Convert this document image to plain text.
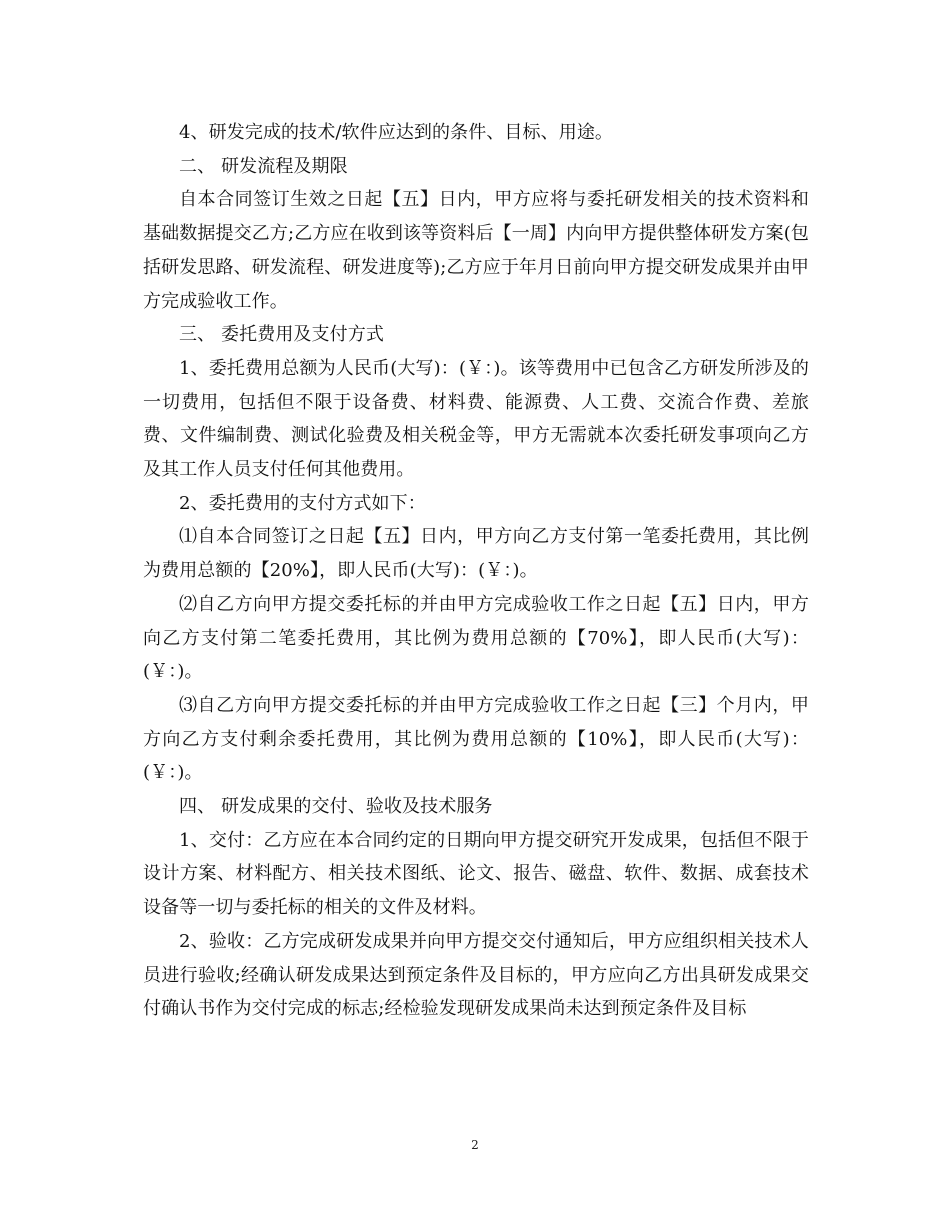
4、研发完成的技术/软件应达到的条件、目标、用途。

二、 研发流程及期限

自本合同签订生效之日起【五】日内，甲方应将与委托研发相关的技术资料和基础数据提交乙方;乙方应在收到该等资料后【一周】内向甲方提供整体研发方案(包括研发思路、研发流程、研发进度等);乙方应于年月日前向甲方提交研发成果并由甲方完成验收工作。

三、 委托费用及支付方式

1、委托费用总额为人民币(大写)：(￥：)。该等费用中已包含乙方研发所涉及的一切费用，包括但不限于设备费、材料费、能源费、人工费、交流合作费、差旅费、文件编制费、测试化验费及相关税金等，甲方无需就本次委托研发事项向乙方及其工作人员支付任何其他费用。

2、委托费用的支付方式如下：

⑴自本合同签订之日起【五】日内，甲方向乙方支付第一笔委托费用，其比例为费用总额的【20%】，即人民币(大写)：(￥：)。

⑵自乙方向甲方提交委托标的并由甲方完成验收工作之日起【五】日内，甲方向乙方支付第二笔委托费用，其比例为费用总额的【70%】，即人民币(大写)：(￥：)。

⑶自乙方向甲方提交委托标的并由甲方完成验收工作之日起【三】个月内，甲方向乙方支付剩余委托费用，其比例为费用总额的【10%】，即人民币(大写)：(￥：)。

四、 研发成果的交付、验收及技术服务

1、交付：乙方应在本合同约定的日期向甲方提交研究开发成果，包括但不限于设计方案、材料配方、相关技术图纸、论文、报告、磁盘、软件、数据、成套技术设备等一切与委托标的相关的文件及材料。

2、验收：乙方完成研发成果并向甲方提交交付通知后，甲方应组织相关技术人员进行验收;经确认研发成果达到预定条件及目标的，甲方应向乙方出具研发成果交付确认书作为交付完成的标志;经检验发现研发成果尚未达到预定条件及目标

2
